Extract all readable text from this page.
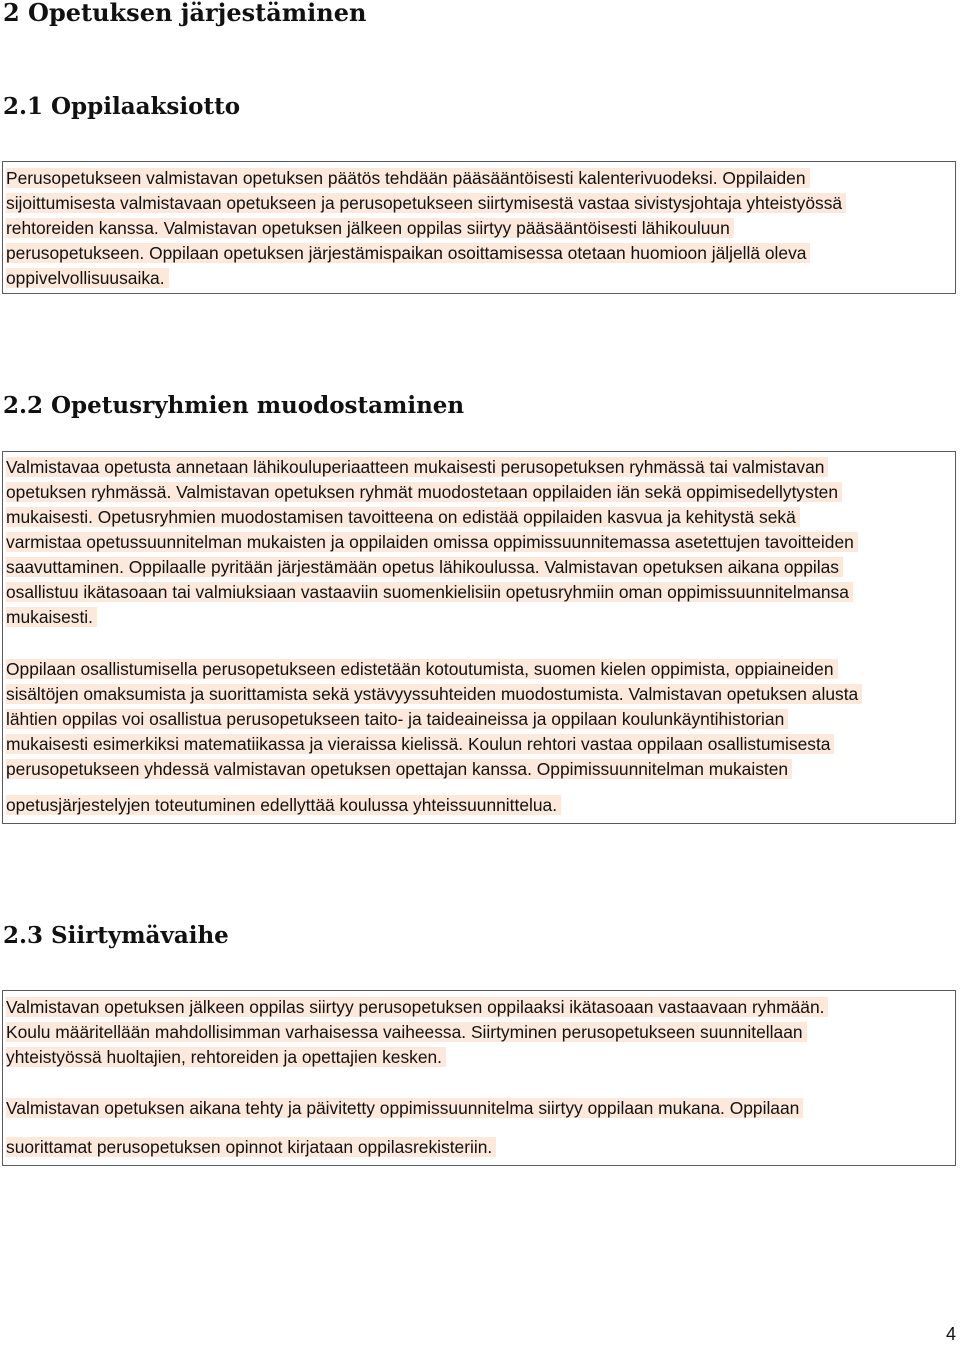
2 Opetuksen järjestäminen
2.1 Oppilaaksiotto
Perusopetukseen valmistavan opetuksen päätös tehdään pääsääntöisesti kalenterivuodeksi. Oppilaiden
sijoittumisesta valmistavaan opetukseen ja perusopetukseen siirtymisestä vastaa sivistysjohtaja yhteistyössä
rehtoreiden kanssa. Valmistavan opetuksen jälkeen oppilas siirtyy pääsääntöisesti lähikouluun
perusopetukseen. Oppilaan opetuksen järjestämispaikan osoittamisessa otetaan huomioon jäljellä oleva
oppivelvollisuusaika.
2.2 Opetusryhmien muodostaminen
Valmistavaa opetusta annetaan lähikouluperiaatteen mukaisesti perusopetuksen ryhmässä tai valmistavan
opetuksen ryhmässä. Valmistavan opetuksen ryhmät muodostetaan oppilaiden iän sekä oppimisedellytysten
mukaisesti. Opetusryhmien muodostamisen tavoitteena on edistää oppilaiden kasvua ja kehitystä sekä
varmistaa opetussuunnitelman mukaisten ja oppilaiden omissa oppimissuunnitemassa asetettujen tavoitteiden
saavuttaminen. Oppilaalle pyritään järjestämään opetus lähikoulussa. Valmistavan opetuksen aikana oppilas
osallistuu ikätasoaan tai valmiuksiaan vastaaviin suomenkielisiin opetusryhmiin oman oppimissuunnitelmansa
mukaisesti.
Oppilaan osallistumisella perusopetukseen edistetään kotoutumista, suomen kielen oppimista, oppiaineiden
sisältöjen omaksumista ja suorittamista sekä ystävyyssuhteiden muodostumista. Valmistavan opetuksen alusta
lähtien oppilas voi osallistua perusopetukseen taito- ja taideaineissa ja oppilaan koulunkäyntihistorian
mukaisesti esimerkiksi matematiikassa ja vieraissa kielissä. Koulun rehtori vastaa oppilaan osallistumisesta
perusopetukseen yhdessä valmistavan opetuksen opettajan kanssa. Oppimissuunnitelman mukaisten
opetusjärjestelyjen toteutuminen edellyttää koulussa yhteissuunnittelua.
2.3 Siirtymävaihe
Valmistavan opetuksen jälkeen oppilas siirtyy perusopetuksen oppilaaksi ikätasoaan vastaavaan ryhmään.
Koulu määritellään mahdollisimman varhaisessa vaiheessa. Siirtyminen perusopetukseen suunnitellaan
yhteistyössä huoltajien, rehtoreiden ja opettajien kesken.
Valmistavan opetuksen aikana tehty ja päivitetty oppimissuunnitelma siirtyy oppilaan mukana. Oppilaan
suorittamat perusopetuksen opinnot kirjataan oppilasrekisteriin.
4
